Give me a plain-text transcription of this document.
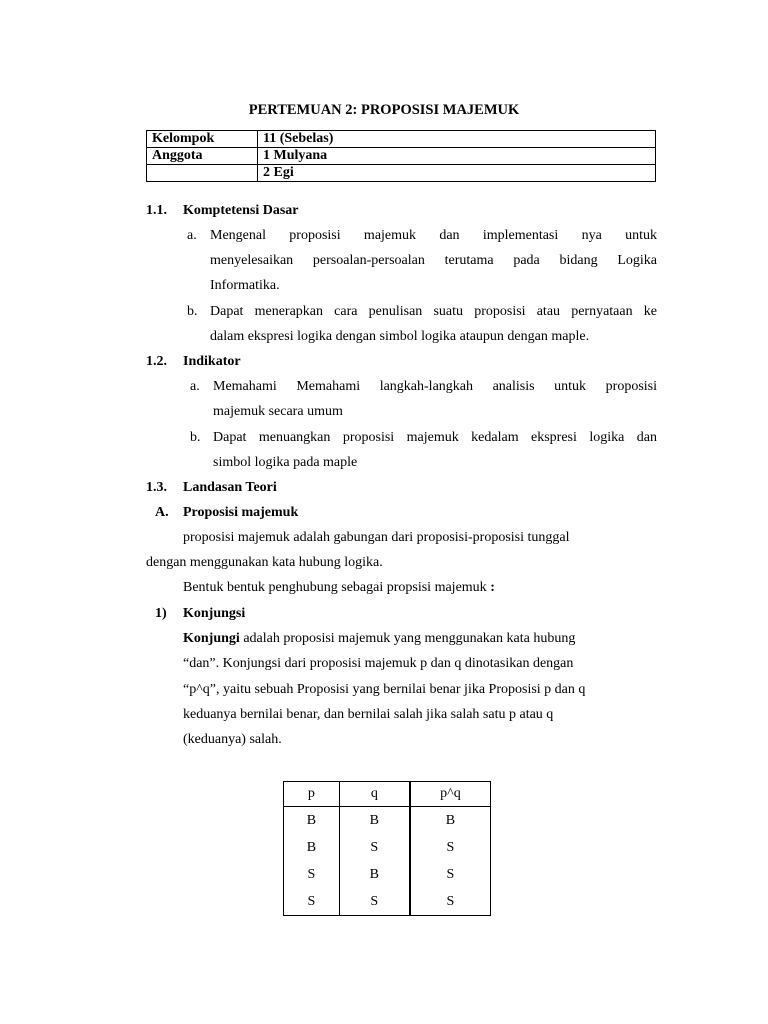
PERTEMUAN 2: PROPOSISI MAJEMUK
Kelompok	11 (Sebelas)
Anggota	1 Mulyana
	2 Egi
1.1. Komptetensi Dasar
a. Mengenal proposisi majemuk dan implementasi nya untuk
menyelesaikan persoalan-persoalan terutama pada bidang Logika
Informatika.
b. Dapat menerapkan cara penulisan suatu proposisi atau pernyataan ke
dalam ekspresi logika dengan simbol logika ataupun dengan maple.
1.2. Indikator
a. Memahami Memahami langkah-langkah analisis untuk proposisi
majemuk secara umum
b. Dapat menuangkan proposisi majemuk kedalam ekspresi logika dan
simbol logika pada maple
1.3. Landasan Teori
A. Proposisi majemuk
proposisi majemuk adalah gabungan dari proposisi-proposisi tunggal
dengan menggunakan kata hubung logika.
Bentuk bentuk penghubung sebagai propsisi majemuk :
1) Konjungsi
Konjungi adalah proposisi majemuk yang menggunakan kata hubung
“dan”. Konjungsi dari proposisi majemuk p dan q dinotasikan dengan
“p^q”, yaitu sebuah Proposisi yang bernilai benar jika Proposisi p dan q
keduanya bernilai benar, dan bernilai salah jika salah satu p atau q
(keduanya) salah.
p	q	p^q
B	B	B
B	S	S
S	B	S
S	S	S
